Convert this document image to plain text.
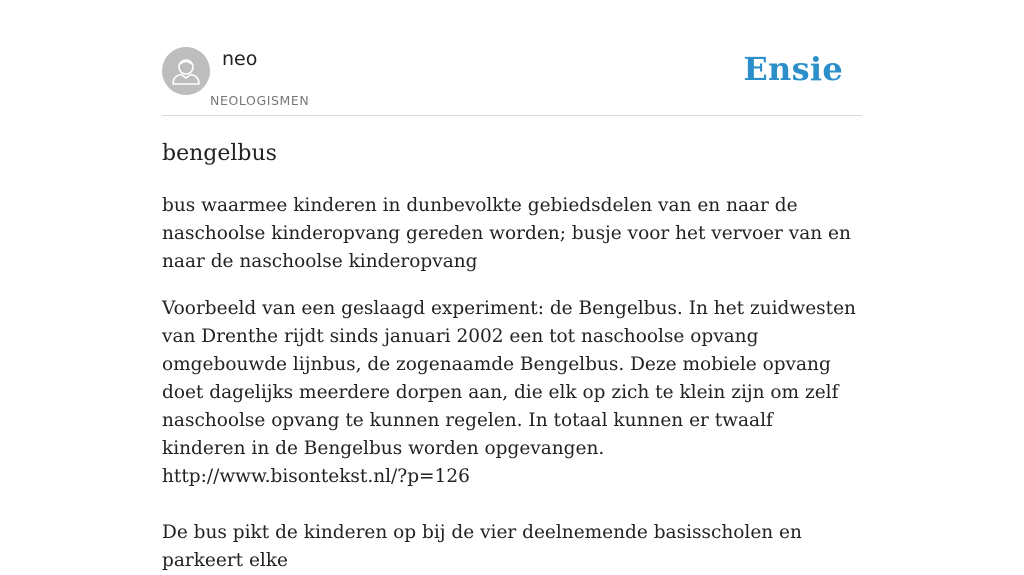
neo
NEOLOGISMEN
Ensie
bengelbus

bus waarmee kinderen in dunbevolkte gebiedsdelen van en naar de naschoolse kinderopvang gereden worden; busje voor het vervoer van en naar de naschoolse kinderopvang

Voorbeeld van een geslaagd experiment: de Bengelbus. In het zuidwesten van Drenthe rijdt sinds januari 2002 een tot naschoolse opvang omgebouwde lijnbus, de zogenaamde Bengelbus. Deze mobiele opvang doet dagelijks meerdere dorpen aan, die elk op zich te klein zijn om zelf naschoolse opvang te kunnen regelen. In totaal kunnen er twaalf kinderen in de Bengelbus worden opgevangen.
http://www.bisontekst.nl/?p=126

De bus pikt de kinderen op bij de vier deelnemende basisscholen en parkeert elke
